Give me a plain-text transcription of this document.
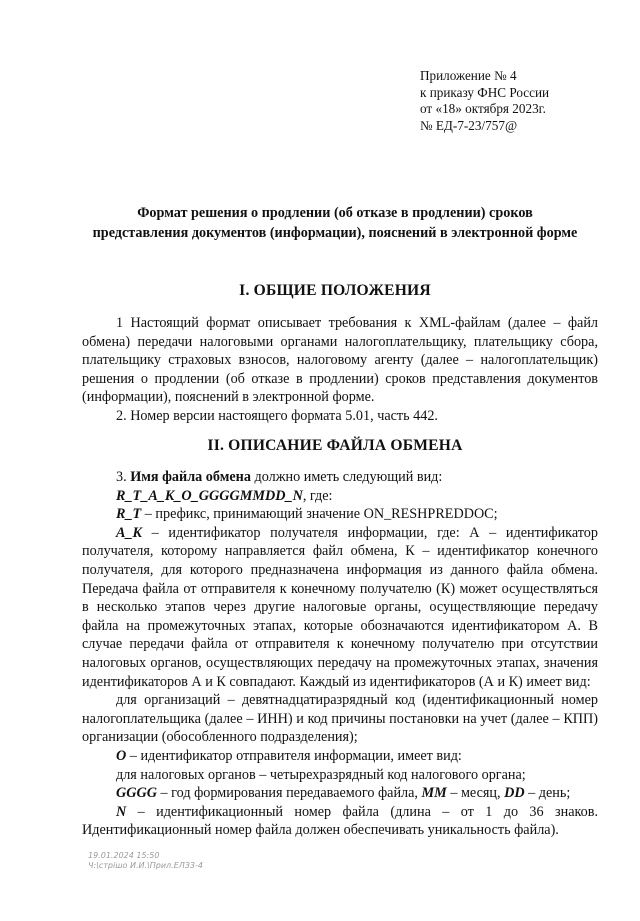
Приложение № 4
к приказу ФНС России
от «18» октября 2023г.
№ ЕД-7-23/757@
Формат решения о продлении (об отказе в продлении) сроков
представления документов (информации), пояснений в электронной форме
I. ОБЩИЕ ПОЛОЖЕНИЯ

1 Настоящий формат описывает требования к XML-файлам (далее – файл обмена) передачи налоговыми органами налогоплательщику, плательщику сбора, плательщику страховых взносов, налоговому агенту (далее – налогоплательщик) решения о продлении (об отказе в продлении) сроков представления документов (информации), пояснений в электронной форме.

2. Номер версии настоящего формата 5.01, часть 442.

II. ОПИСАНИЕ ФАЙЛА ОБМЕНА

3. Имя файла обмена должно иметь следующий вид:

R_T_A_K_O_GGGGMMDD_N, где:

R_T – префикс, принимающий значение ON_RESHPREDDOC;

A_K – идентификатор получателя информации, где: А – идентификатор получателя, которому направляется файл обмена, К – идентификатор конечного получателя, для которого предназначена информация из данного файла обмена. Передача файла от отправителя к конечному получателю (К) может осуществляться в несколько этапов через другие налоговые органы, осуществляющие передачу файла на промежуточных этапах, которые обозначаются идентификатором А. В случае передачи файла от отправителя к конечному получателю при отсутствии налоговых органов, осуществляющих передачу на промежуточных этапах, значения идентификаторов А и К совпадают. Каждый из идентификаторов (А и К) имеет вид:

для организаций – девятнадцатиразрядный код (идентификационный номер налогоплательщика (далее – ИНН) и код причины постановки на учет (далее – КПП) организации (обособленного подразделения);

O – идентификатор отправителя информации, имеет вид:

для налоговых органов – четырехразрядный код налогового органа;

GGGG – год формирования передаваемого файла, MM – месяц, DD – день;

N – идентификационный номер файла (длина – от 1 до 36 знаков. Идентификационный номер файла должен обеспечивать уникальность файла).

19.01.2024 15:50
Ч:\стрішо И.И.\Прил.ЕЛЗ3-4
